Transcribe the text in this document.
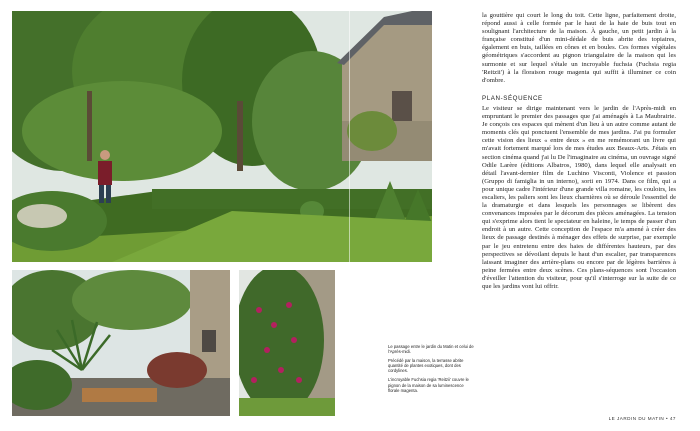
Le passage entre le jardin du Matin et celui de l'Après-midi.

Précédé par la maison, la terrasse abrite quantité de plantes exotiques, dont des cordylines.

L'incroyable Fuchsia regia 'Reitzii' couvre le pignon de la maison de sa luminescence florale magenta.

la gouttière qui court le long du toit. Cette ligne, parfaitement droite, répond aussi à celle formée par le haut de la haie de buis tout en soulignant l'architecture de la maison. À gauche, un petit jardin à la française constitué d'un mini-dédale de buis abrite des topiaires, également en buis, taillées en cônes et en boules. Ces formes végétales géométriques s'accordent au pignon triangulaire de la maison qui les surmonte et sur lequel s'étale un incroyable fuchsia (Fuchsia regia 'Reitzii') à la floraison rouge magenta qui suffit à illuminer ce coin d'ombre.

PLAN-SÉQUENCE

Le visiteur se dirige maintenant vers le jardin de l'Après-midi en empruntant le premier des passages que j'ai aménagés à La Maubrairie. Je conçois ces espaces qui mènent d'un lieu à un autre comme autant de moments clés qui ponctuent l'ensemble de mes jardins. J'ai pu formuler cette vision des lieux « entre deux » en me remémorant un livre qui m'avait fortement marqué lors de mes études aux Beaux-Arts. J'étais en section cinéma quand j'ai lu De l'imaginaire au cinéma, un ouvrage signé Odile Larère (éditions Albatros, 1980), dans lequel elle analysait en détail l'avant-dernier film de Luchino Visconti, Violence et passion (Gruppo di famiglia in un interno), sorti en 1974. Dans ce film, qui a pour unique cadre l'intérieur d'une grande villa romaine, les couloirs, les escaliers, les paliers sont les lieux charnières où se déroule l'essentiel de la dramaturgie et dans lesquels les personnages se libèrent des convenances imposées par le décorum des pièces aménagées. La tension qui s'exprime alors tient le spectateur en haleine, le temps de passer d'un endroit à un autre. Cette conception de l'espace m'a amené à créer des lieux de passage destinés à ménager des effets de surprise, par exemple par le jeu entretenu entre des haies de différentes hauteurs, par des perspectives se dévoilant depuis le haut d'un escalier, par transparences laissant imaginer des arrière-plans ou encore par de légères barrières à peine fermées entre deux scènes. Ces plans-séquences sont l'occasion d'éveiller l'attention du visiteur, pour qu'il s'interroge sur la suite de ce que les jardins vont lui offrir.

LE JARDIN DU MATIN • 47
